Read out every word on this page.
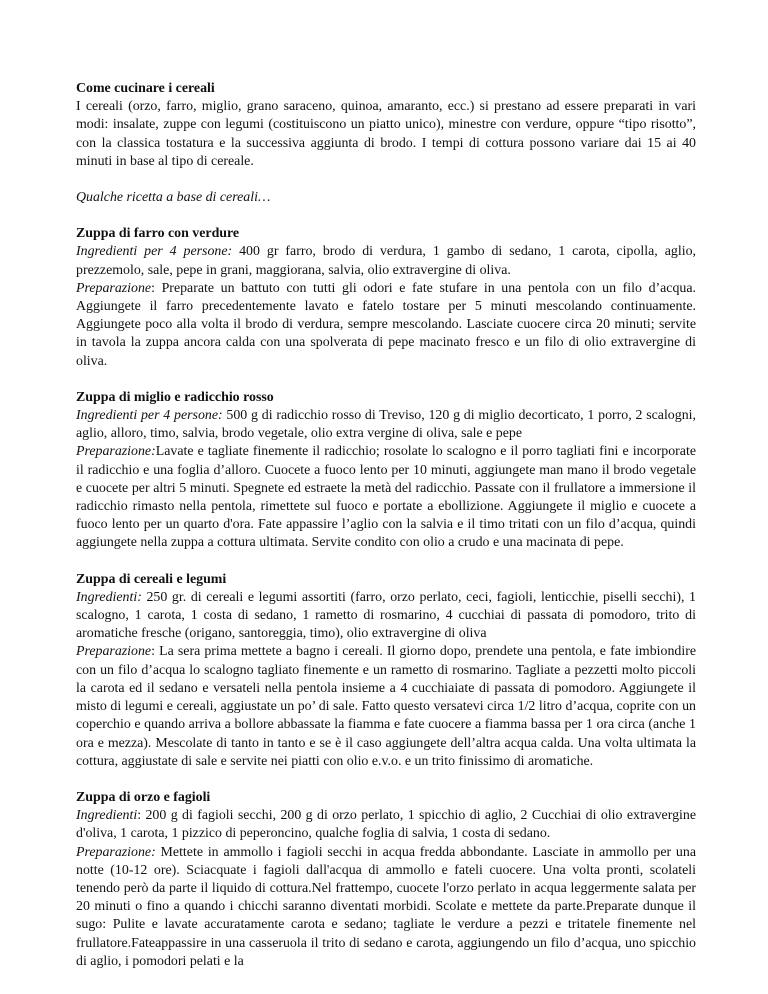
Come cucinare i cereali

I cereali (orzo, farro, miglio, grano saraceno, quinoa, amaranto, ecc.) si prestano ad essere preparati in vari modi: insalate, zuppe con legumi (costituiscono un piatto unico), minestre con verdure, oppure “tipo risotto”, con la classica tostatura e la successiva aggiunta di brodo. I tempi di cottura possono variare dai 15 ai 40 minuti in base al tipo di cereale.

Qualche ricetta a base di cereali…

Zuppa di farro con verdure

Ingredienti per 4 persone: 400 gr farro, brodo di verdura, 1 gambo di sedano, 1 carota, cipolla, aglio, prezzemolo, sale, pepe in grani, maggiorana, salvia, olio extravergine di oliva.

Preparazione: Preparate un battuto con tutti gli odori e fate stufare in una pentola con un filo d’acqua. Aggiungete il farro precedentemente lavato e fatelo tostare per 5 minuti mescolando continuamente. Aggiungete poco alla volta il brodo di verdura, sempre mescolando. Lasciate cuocere circa 20 minuti; servite in tavola la zuppa ancora calda con una spolverata di pepe macinato fresco e un filo di olio extravergine di oliva.

Zuppa di miglio e radicchio rosso

Ingredienti per 4 persone: 500 g di radicchio rosso di Treviso, 120 g di miglio decorticato, 1 porro, 2 scalogni, aglio, alloro, timo, salvia, brodo vegetale, olio extra vergine di oliva, sale e pepe

Preparazione:Lavate e tagliate finemente il radicchio; rosolate lo scalogno e il porro tagliati fini e incorporate il radicchio e una foglia d’alloro. Cuocete a fuoco lento per 10 minuti, aggiungete man mano il brodo vegetale e cuocete per altri 5 minuti. Spegnete ed estraete la metà del radicchio. Passate con il frullatore a immersione il radicchio rimasto nella pentola, rimettete sul fuoco e portate a ebollizione. Aggiungete il miglio e cuocete a fuoco lento per un quarto d'ora. Fate appassire l’aglio con la salvia e il timo tritati con un filo d’acqua, quindi aggiungete nella zuppa a cottura ultimata. Servite condito con olio a crudo e una macinata di pepe.

Zuppa di cereali e legumi

Ingredienti: 250 gr. di cereali e legumi assortiti (farro, orzo perlato, ceci, fagioli, lenticchie, piselli secchi), 1 scalogno, 1 carota, 1 costa di sedano, 1 rametto di rosmarino, 4 cucchiai di passata di pomodoro, trito di aromatiche fresche (origano, santoreggia, timo), olio extravergine di oliva

Preparazione: La sera prima mettete a bagno i cereali. Il giorno dopo, prendete una pentola, e fate imbiondire con un filo d’acqua lo scalogno tagliato finemente e un rametto di rosmarino. Tagliate a pezzetti molto piccoli la carota ed il sedano e versateli nella pentola insieme a 4 cucchiaiate di passata di pomodoro. Aggiungete il misto di legumi e cereali, aggiustate un po’ di sale. Fatto questo versatevi circa 1/2 litro d’acqua, coprite con un coperchio e quando arriva a bollore abbassate la fiamma e fate cuocere a fiamma bassa per 1 ora circa (anche 1 ora e mezza). Mescolate di tanto in tanto e se è il caso aggiungete dell’altra acqua calda. Una volta ultimata la cottura, aggiustate di sale e servite nei piatti con olio e.v.o. e un trito finissimo di aromatiche.

Zuppa di orzo e fagioli

Ingredienti: 200 g di fagioli secchi, 200 g di orzo perlato, 1 spicchio di aglio, 2 Cucchiai di olio extravergine d'oliva, 1 carota, 1 pizzico di peperoncino, qualche foglia di salvia, 1 costa di sedano.

Preparazione: Mettete in ammollo i fagioli secchi in acqua fredda abbondante. Lasciate in ammollo per una notte (10-12 ore). Sciacquate i fagioli dall'acqua di ammollo e fateli cuocere. Una volta pronti, scolateli tenendo però da parte il liquido di cottura.Nel frattempo, cuocete l'orzo perlato in acqua leggermente salata per 20 minuti o fino a quando i chicchi saranno diventati morbidi. Scolate e mettete da parte.Preparate dunque il sugo: Pulite e lavate accuratamente carota e sedano; tagliate le verdure a pezzi e tritatele finemente nel frullatore.Fateappassire in una casseruola il trito di sedano e carota, aggiungendo un filo d’acqua, uno spicchio di aglio, i pomodori pelati e la
